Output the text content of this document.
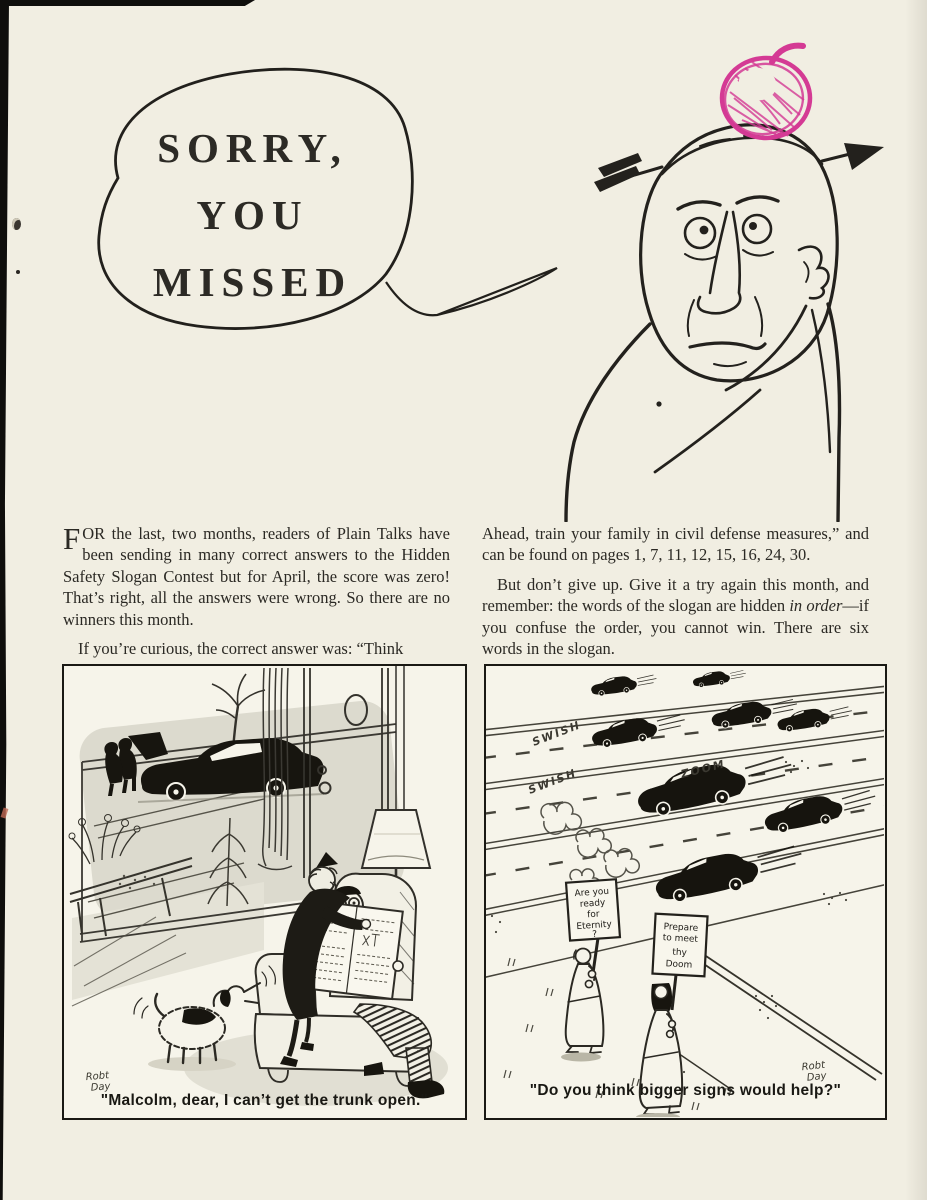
SORRY,
YOU
MISSED

FOR the last, two months, readers of Plain Talks have been sending in many correct answers to the Hidden Safety Slogan Contest but for April, the score was zero! That’s right, all the answers were wrong. So there are no winners this month.

If you’re curious, the correct answer was: “Think

Ahead, train your family in civil defense measures,” and can be found on pages 1, 7, 11, 12, 15, 16, 24, 30.

But don’t give up. Give it a try again this month, and remember: the words of the slogan are hidden in order—if you confuse the order, you cannot win. There are six words in the slogan.

Robt
Day
"Malcolm, dear, I can’t get the trunk open."
SWISH
SWISH	ZOOM
Are you
ready
for
Eternity
?
Prepare
to meet
thy
Doom
Robt
Day
"Do you think bigger signs would help?"
